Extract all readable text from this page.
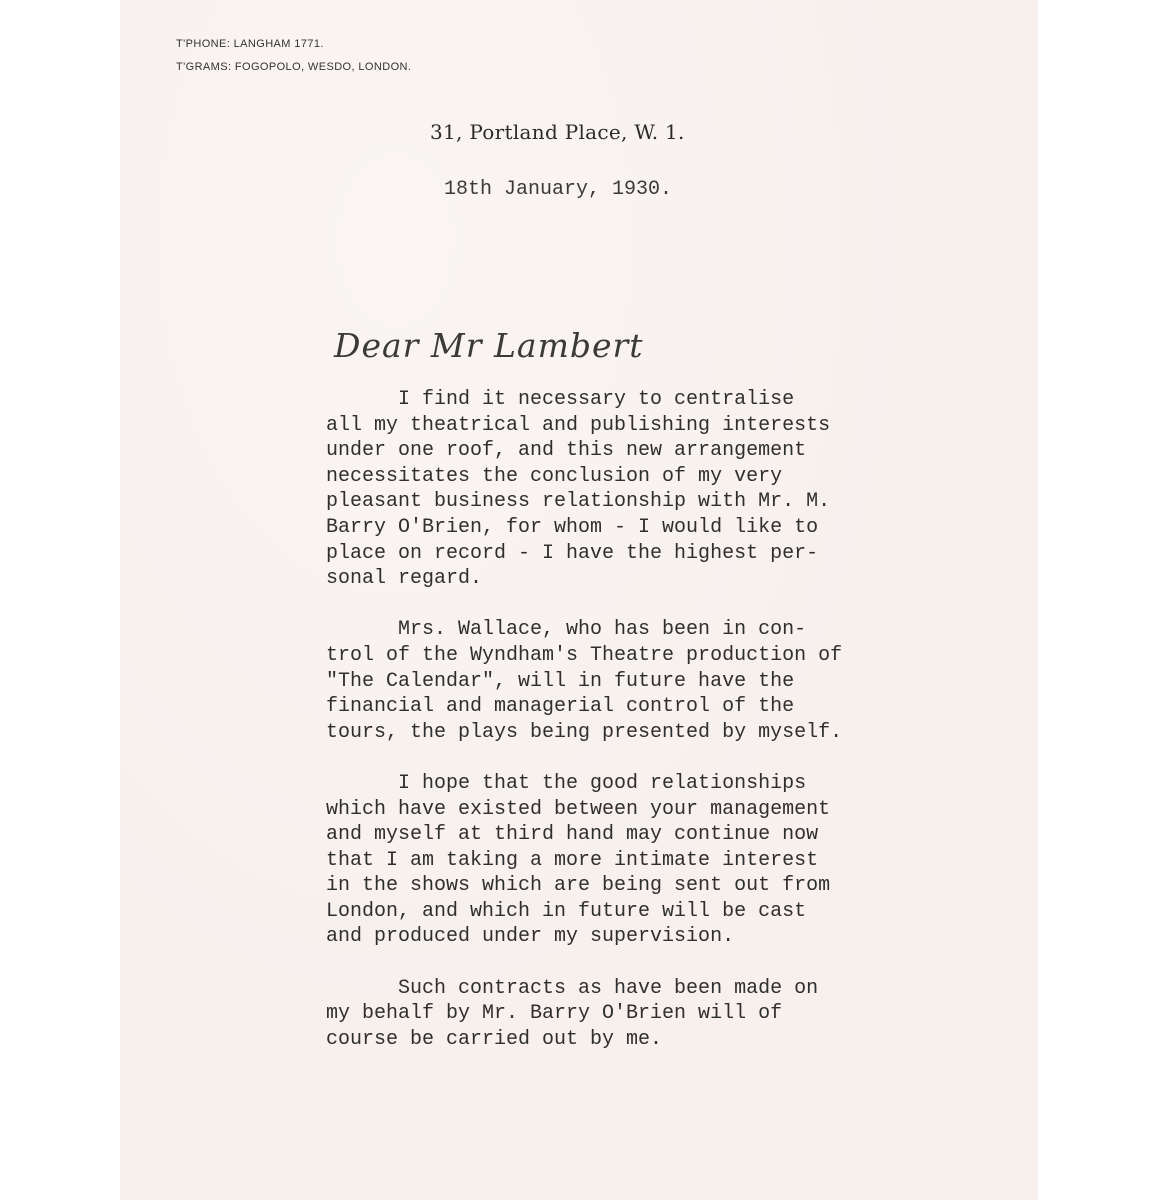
T'PHONE: LANGHAM 1771.
T'GRAMS: FOGOPOLO, WESDO, LONDON.
31, Portland Place, W. 1.
18th January, 1930.
Dear Mr Lambert
I find it necessary to centralise
all my theatrical and publishing interests
under one roof, and this new arrangement
necessitates the conclusion of my very
pleasant business relationship with Mr. M.
Barry O'Brien, for whom - I would like to
place on record - I have the highest per-
sonal regard.
Mrs. Wallace, who has been in con-
trol of the Wyndham's Theatre production of
"The Calendar", will in future have the
financial and managerial control of the
tours, the plays being presented by myself.
I hope that the good relationships
which have existed between your management
and myself at third hand may continue now
that I am taking a more intimate interest
in the shows which are being sent out from
London, and which in future will be cast
and produced under my supervision.
Such contracts as have been made on
my behalf by Mr. Barry O'Brien will of
course be carried out by me.
